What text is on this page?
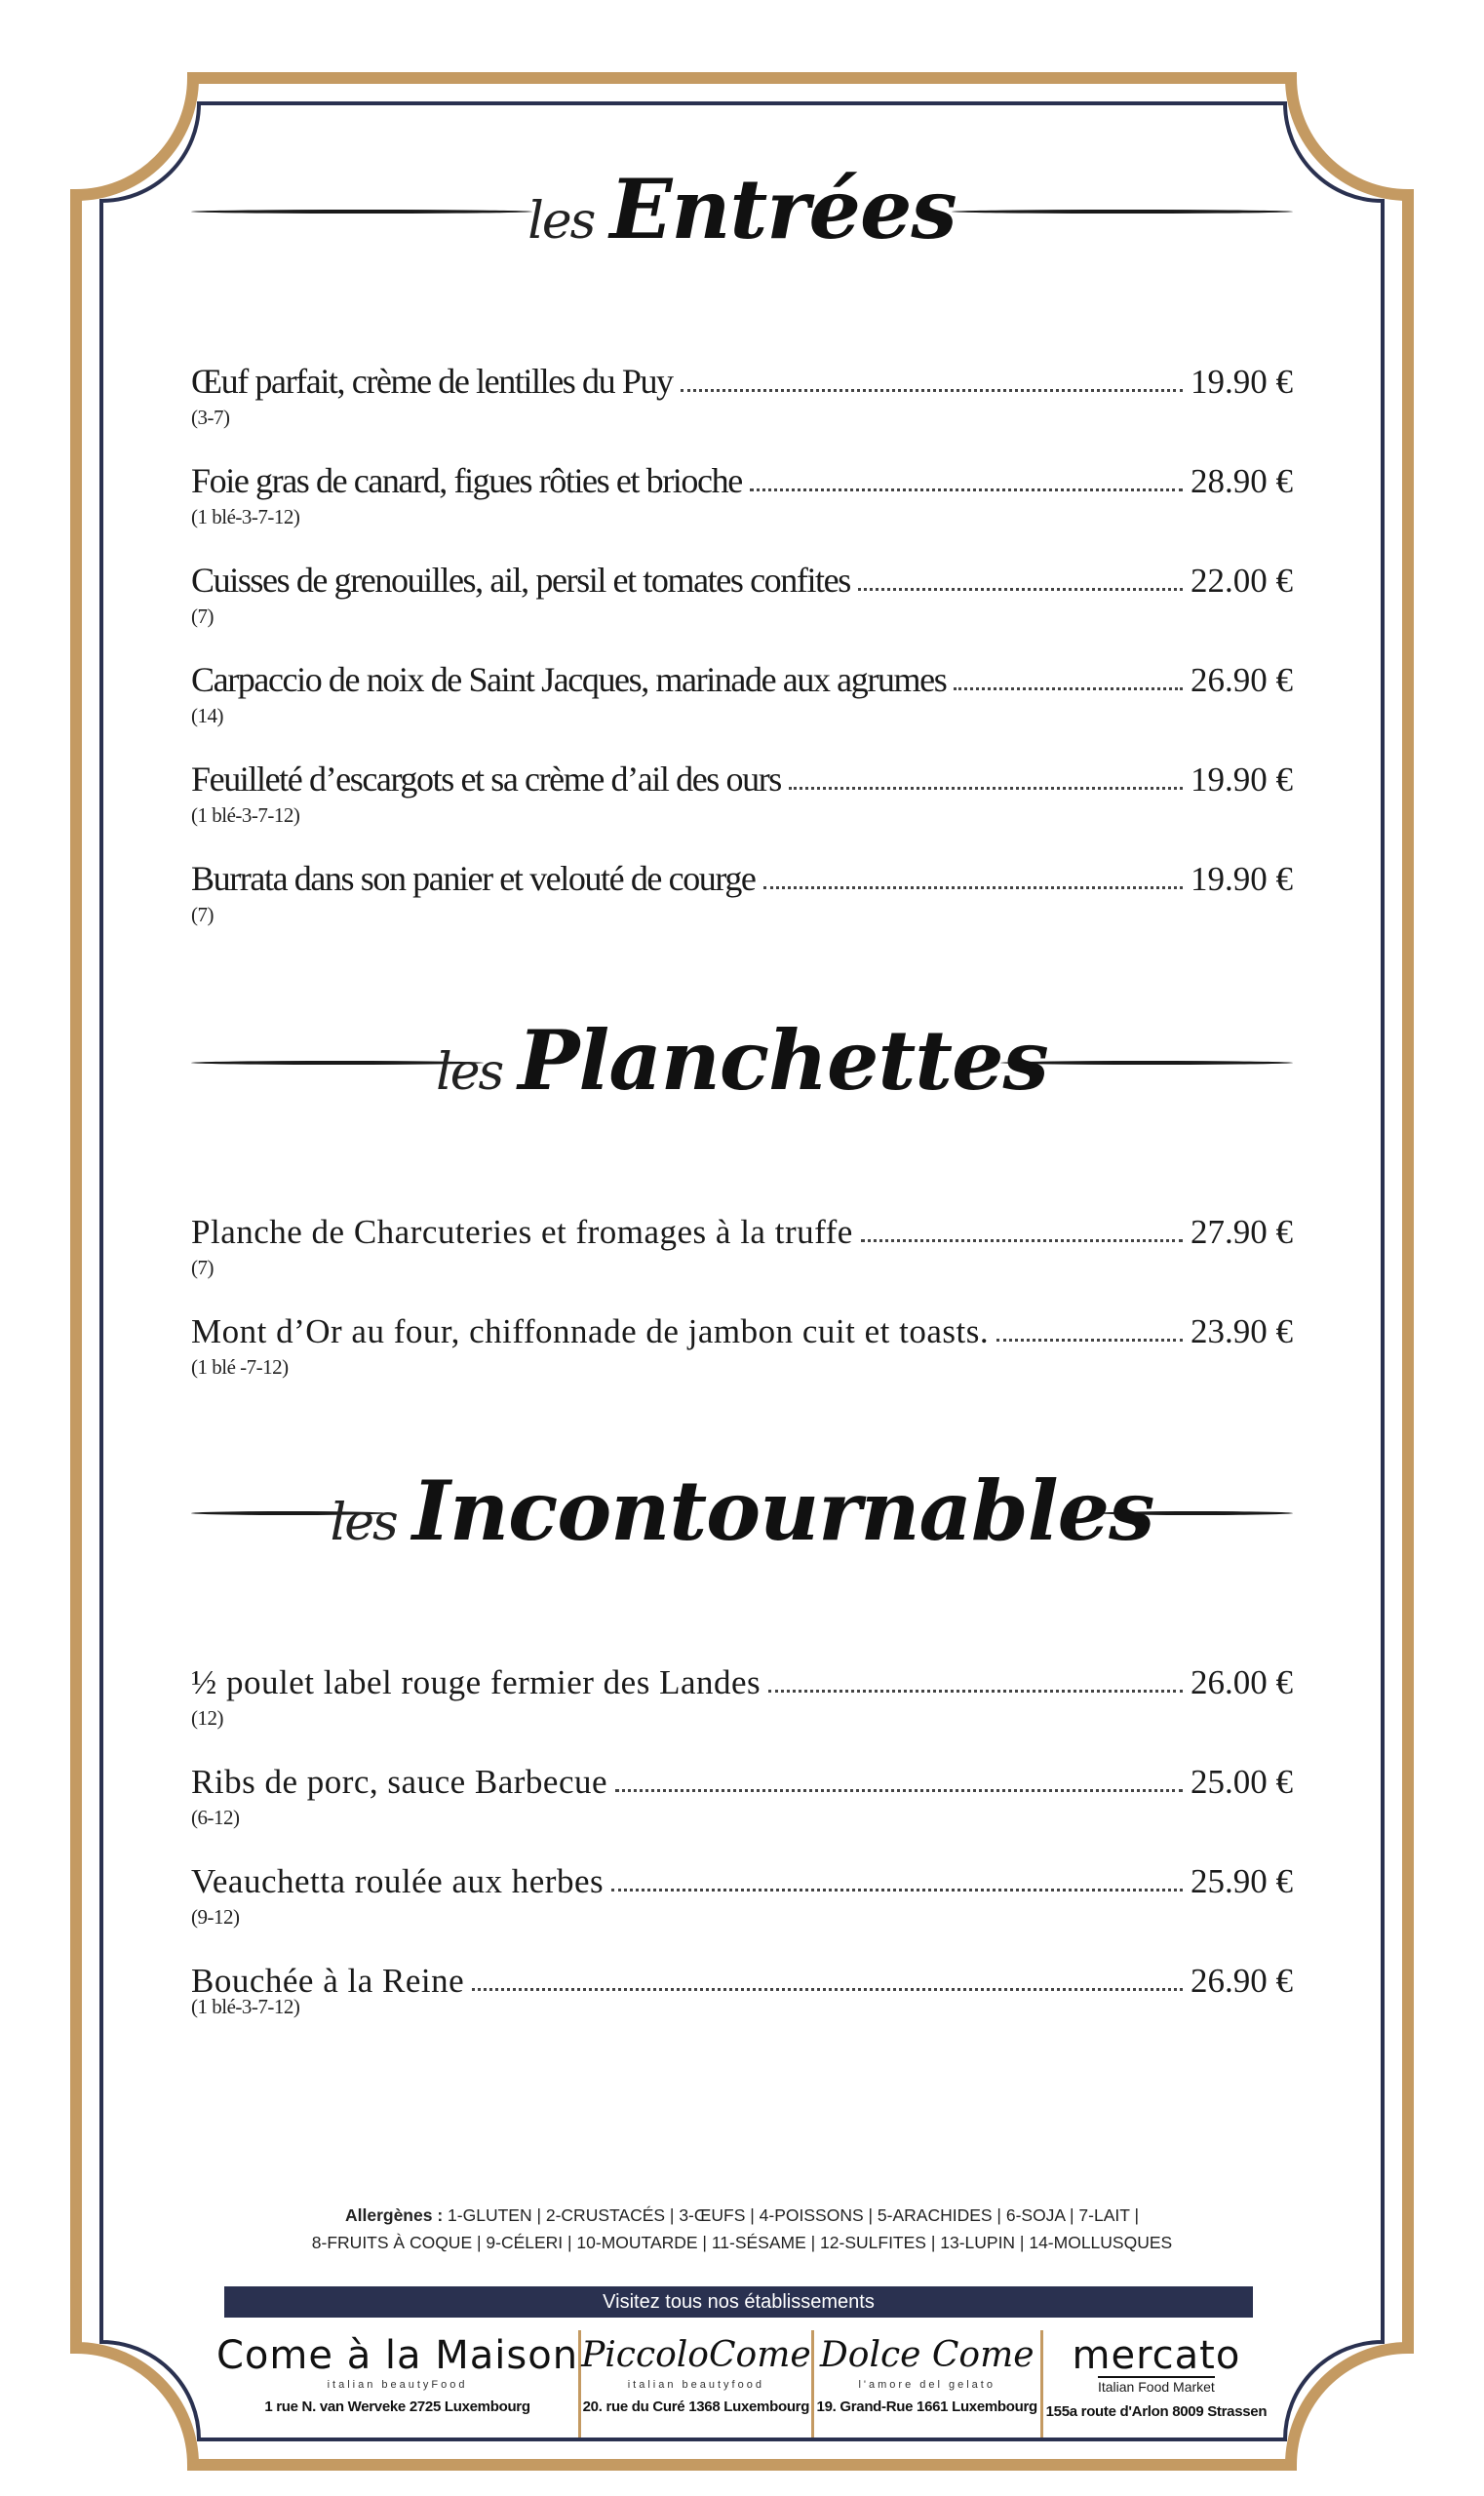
les Entrées
Œuf parfait, crème de lentilles du Puy	19.90 €
(3-7)
Foie gras de canard, figues rôties et brioche	28.90 €
(1 blé-3-7-12)
Cuisses de grenouilles, ail, persil et tomates confites	22.00 €
(7)
Carpaccio de noix de Saint Jacques, marinade aux agrumes	26.90 €
(14)
Feuilleté d’escargots et sa crème d’ail des ours	19.90 €
(1 blé-3-7-12)
Burrata dans son panier et velouté de courge	19.90 €
(7)
les Planchettes
Planche de Charcuteries et fromages à la truffe	27.90 €
(7)
Mont d’Or au four, chiffonnade de jambon cuit et toasts.	23.90 €
(1 blé -7-12)
les Incontournables
½ poulet label rouge fermier des Landes	26.00 €
(12)
Ribs de porc, sauce Barbecue	25.00 €
(6-12)
Veauchetta roulée aux herbes	25.90 €
(9-12)
Bouchée à la Reine	26.90 €
(1 blé-3-7-12)
Allergènes : 1-GLUTEN | 2-CRUSTACÉS | 3-ŒUFS | 4-POISSONS | 5-ARACHIDES | 6-SOJA | 7-LAIT |
8-FRUITS À COQUE | 9-CÉLERI | 10-MOUTARDE | 11-SÉSAME | 12-SULFITES | 13-LUPIN | 14-MOLLUSQUES
Visitez tous nos établissements
Come à la Maison
italian beautyFood
1 rue N. van Werveke 2725 Luxembourg
PiccoloCome
italian beautyfood
20. rue du Curé 1368 Luxembourg
Dolce Come
l'amore del gelato
19. Grand-Rue 1661 Luxembourg
mercato
Italian Food Market
155a route d'Arlon 8009 Strassen
